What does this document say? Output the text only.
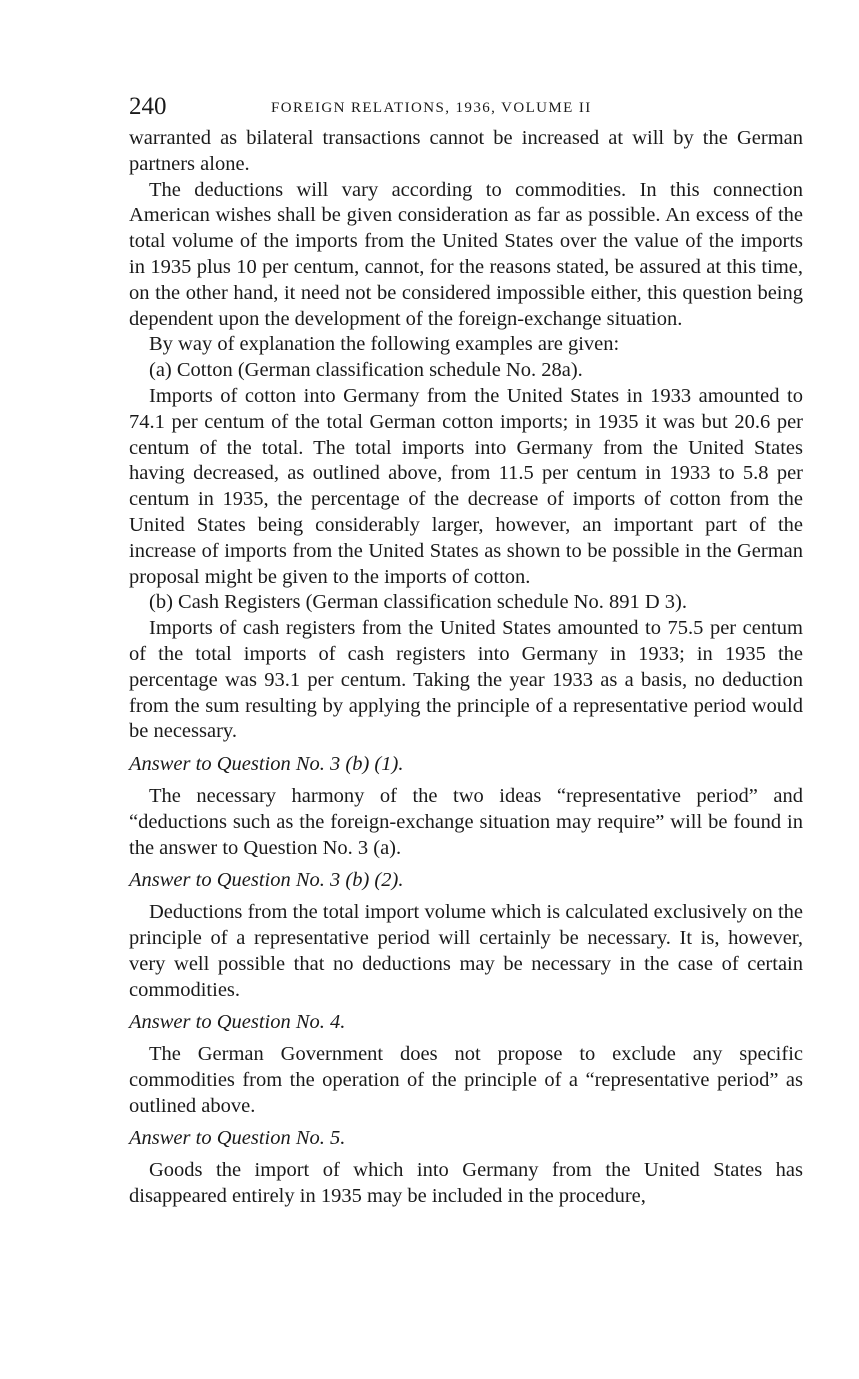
240	FOREIGN RELATIONS, 1936, VOLUME II

warranted as bilateral transactions cannot be increased at will by the German partners alone.

The deductions will vary according to commodities. In this connection American wishes shall be given consideration as far as possible. An excess of the total volume of the imports from the United States over the value of the imports in 1935 plus 10 per centum, cannot, for the reasons stated, be assured at this time, on the other hand, it need not be considered impossible either, this question being dependent upon the development of the foreign-exchange situation.

By way of explanation the following examples are given:

(a) Cotton (German classification schedule No. 28a).

Imports of cotton into Germany from the United States in 1933 amounted to 74.1 per centum of the total German cotton imports; in 1935 it was but 20.6 per centum of the total. The total imports into Germany from the United States having decreased, as outlined above, from 11.5 per centum in 1933 to 5.8 per centum in 1935, the percentage of the decrease of imports of cotton from the United States being considerably larger, however, an important part of the increase of imports from the United States as shown to be possible in the German proposal might be given to the imports of cotton.

(b) Cash Registers (German classification schedule No. 891 D 3).

Imports of cash registers from the United States amounted to 75.5 per centum of the total imports of cash registers into Germany in 1933; in 1935 the percentage was 93.1 per centum. Taking the year 1933 as a basis, no deduction from the sum resulting by applying the principle of a representative period would be necessary.

Answer to Question No. 3 (b) (1).

The necessary harmony of the two ideas “representative period” and “deductions such as the foreign-exchange situation may require” will be found in the answer to Question No. 3 (a).

Answer to Question No. 3 (b) (2).

Deductions from the total import volume which is calculated exclusively on the principle of a representative period will certainly be necessary. It is, however, very well possible that no deductions may be necessary in the case of certain commodities.

Answer to Question No. 4.

The German Government does not propose to exclude any specific commodities from the operation of the principle of a “representative period” as outlined above.

Answer to Question No. 5.

Goods the import of which into Germany from the United States has disappeared entirely in 1935 may be included in the procedure,
